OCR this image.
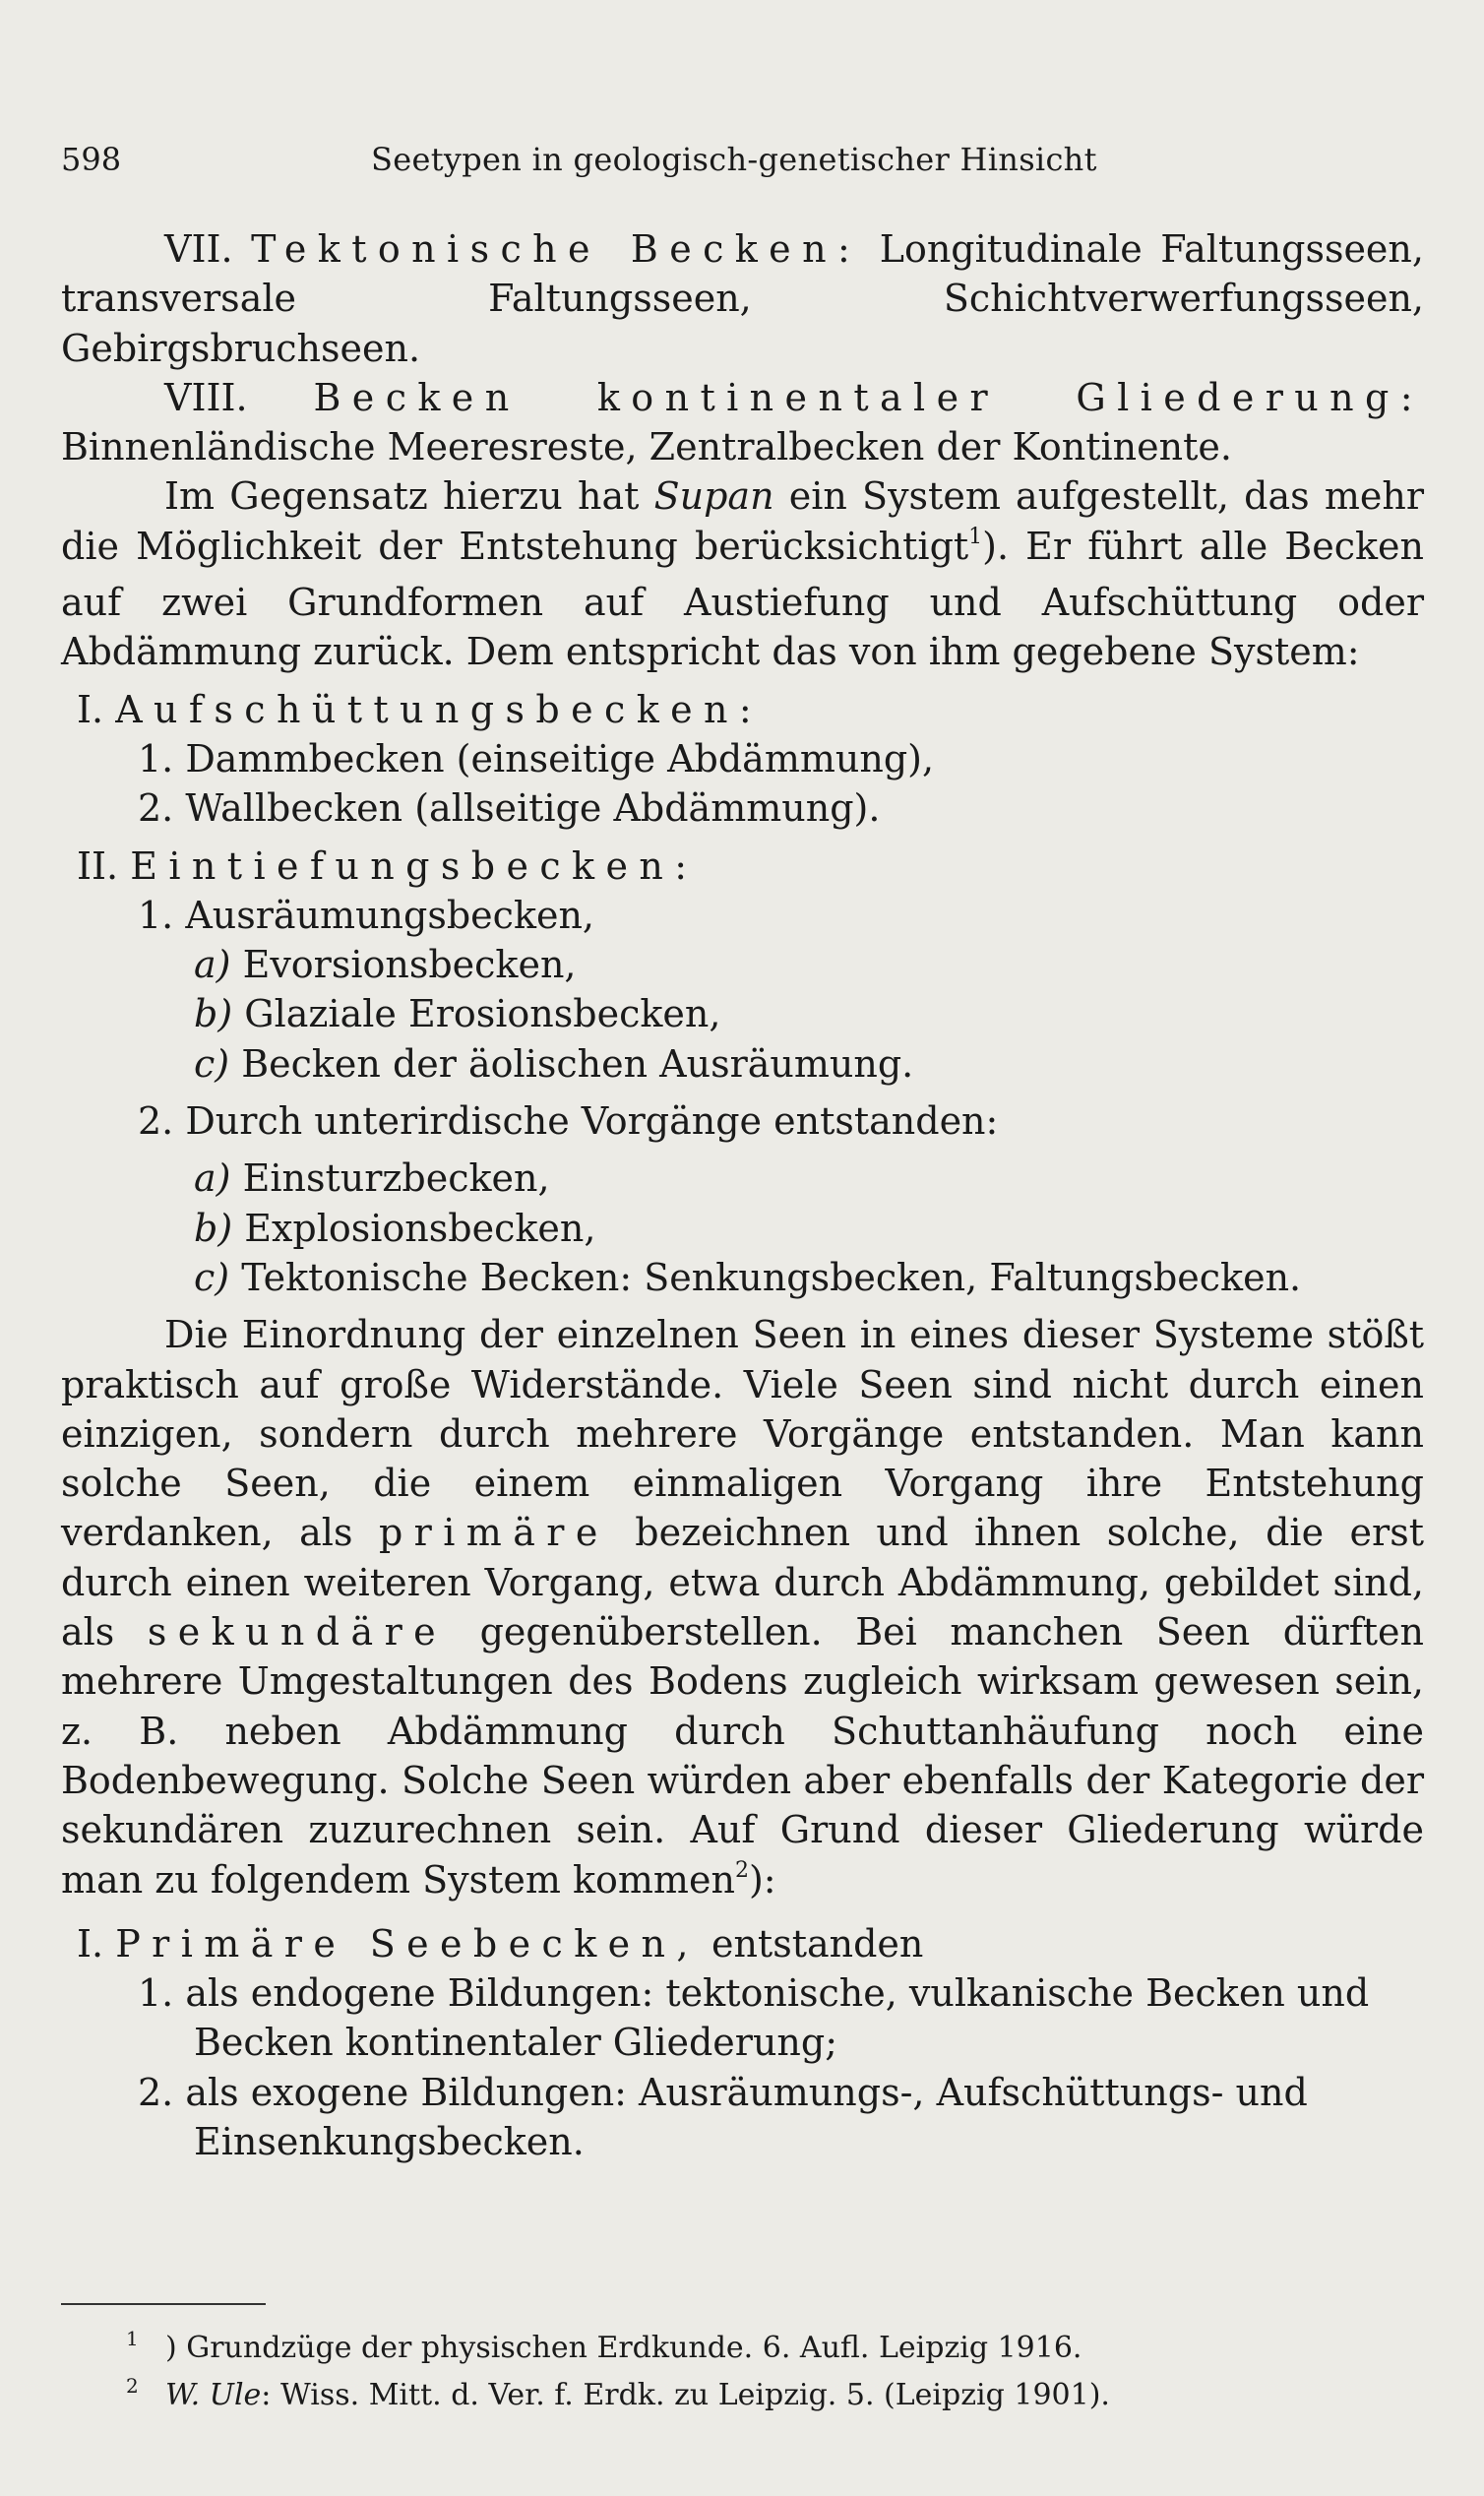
598	Seetypen in geologisch-genetischer Hinsicht

VII. Tektonische Becken: Longitudinale Faltungsseen, transversale Faltungsseen, Schichtverwerfungsseen, Gebirgsbruchseen.

VIII. Becken kontinentaler Gliederung: Binnenländische Meeresreste, Zentralbecken der Kontinente.

Im Gegensatz hierzu hat Supan ein System aufgestellt, das mehr die Möglichkeit der Entstehung berücksichtigt$^1$). Er führt alle Becken auf zwei Grundformen auf Austiefung und Aufschüttung oder Abdämmung zurück. Dem entspricht das von ihm gegebene System:

I. Aufschüttungsbecken:
1. Dammbecken (einseitige Abdämmung),
2. Wallbecken (allseitige Abdämmung).
II. Eintiefungsbecken:
1. Ausräumungsbecken,
a) Evorsionsbecken,
b) Glaziale Erosionsbecken,
c) Becken der äolischen Ausräumung.
2. Durch unterirdische Vorgänge entstanden:
a) Einsturzbecken,
b) Explosionsbecken,
c) Tektonische Becken: Senkungsbecken, Faltungsbecken.

Die Einordnung der einzelnen Seen in eines dieser Systeme stößt praktisch auf große Widerstände. Viele Seen sind nicht durch einen einzigen, sondern durch mehrere Vorgänge entstanden. Man kann solche Seen, die einem einmaligen Vorgang ihre Entstehung verdanken, als primäre bezeichnen und ihnen solche, die erst durch einen weiteren Vorgang, etwa durch Abdämmung, gebildet sind, als sekundäre gegenüberstellen. Bei manchen Seen dürften mehrere Umgestaltungen des Bodens zugleich wirksam gewesen sein, z. B. neben Abdämmung durch Schuttanhäufung noch eine Bodenbewegung. Solche Seen würden aber ebenfalls der Kategorie der sekundären zuzurechnen sein. Auf Grund dieser Gliederung würde man zu folgendem System kommen$^2$):

I. Primäre Seebecken, entstanden
1. als endogene Bildungen: tektonische, vulkanische Becken und Becken kontinentaler Gliederung;
2. als exogene Bildungen: Ausräumungs-, Aufschüttungs- und Einsenkungsbecken.

1 ) Grundzüge der physischen Erdkunde. 6. Aufl. Leipzig 1916.

2 W. Ule: Wiss. Mitt. d. Ver. f. Erdk. zu Leipzig. 5. (Leipzig 1901).
